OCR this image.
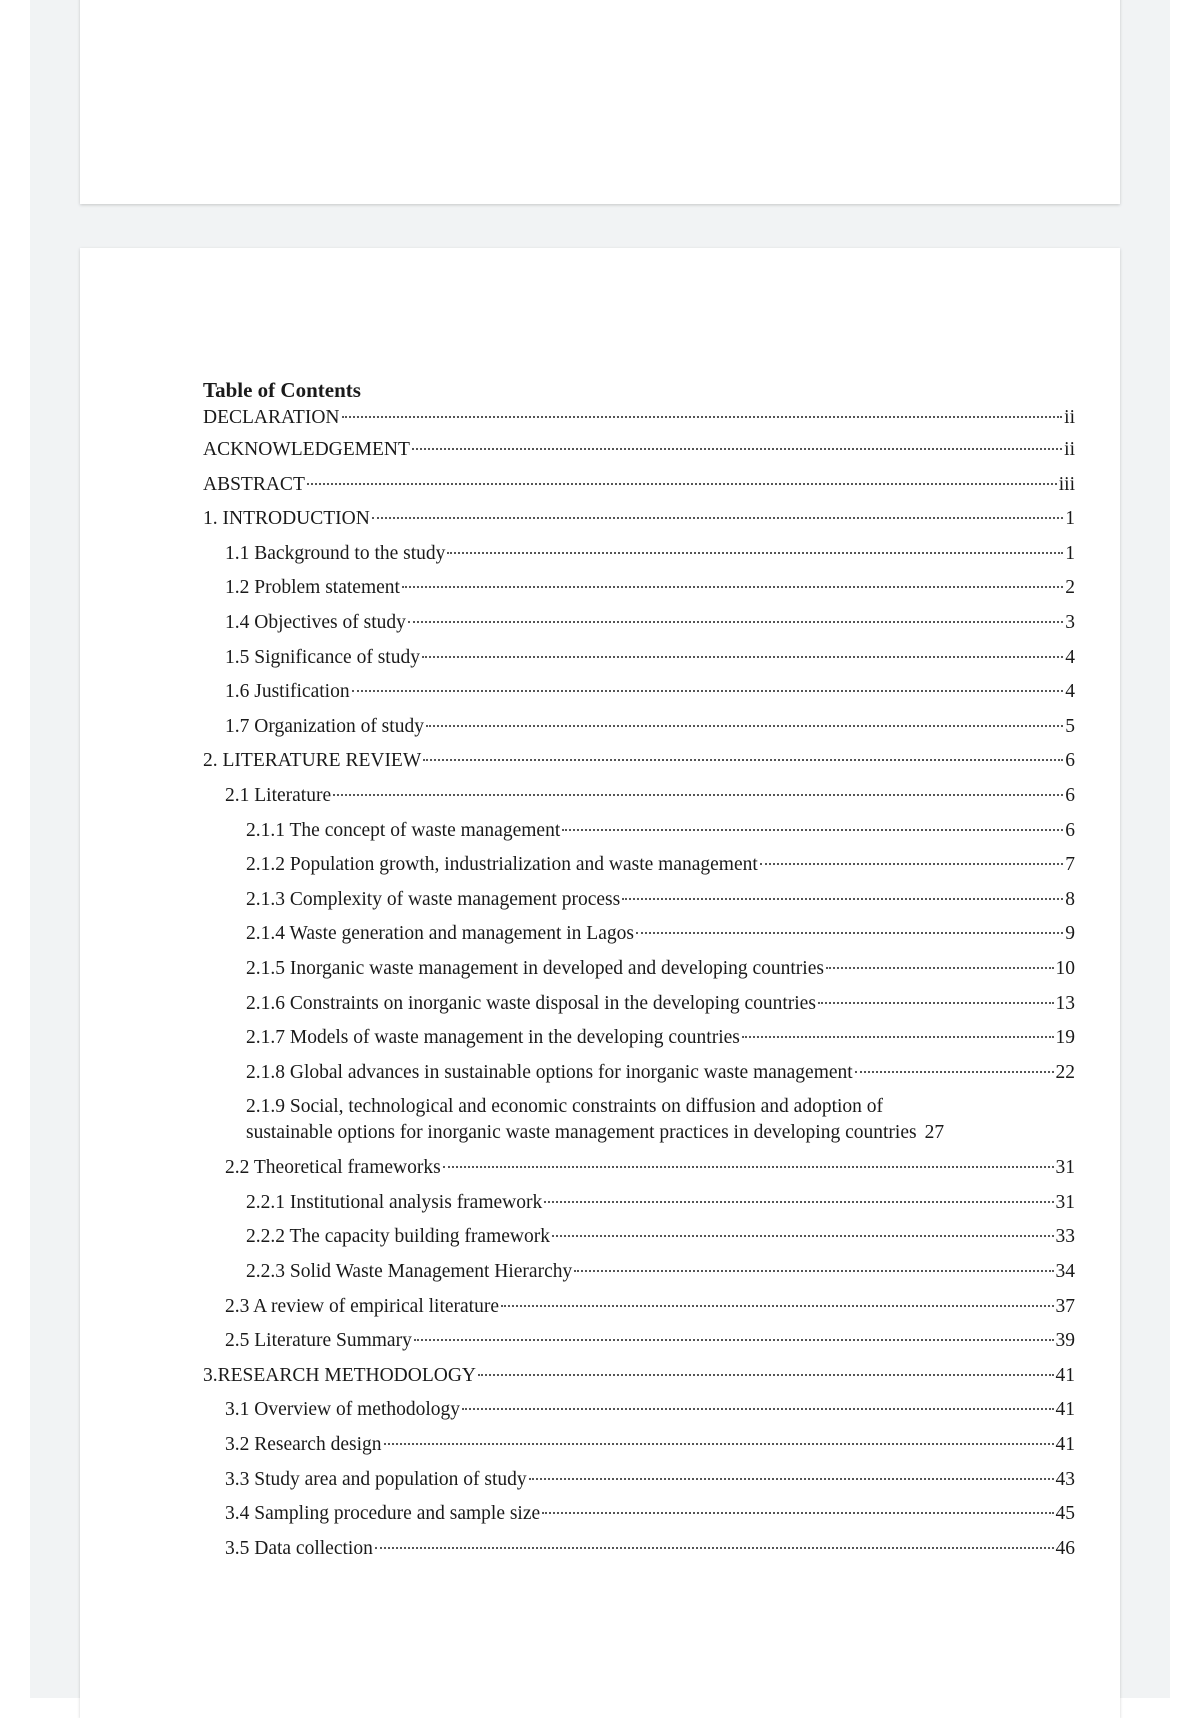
Table of Contents
DECLARATION	ii
ACKNOWLEDGEMENT	ii
ABSTRACT	iii
1. INTRODUCTION	1
1.1 Background to the study	1
1.2 Problem statement	2
1.4 Objectives of study	3
1.5 Significance of study	4
1.6 Justification	4
1.7 Organization of study	5
2. LITERATURE REVIEW	6
2.1 Literature	6
2.1.1 The concept of waste management	6
2.1.2 Population growth, industrialization and waste management	7
2.1.3 Complexity of waste management process	8
2.1.4 Waste generation and management in Lagos	9
2.1.5 Inorganic waste management in developed and developing countries	10
2.1.6 Constraints on inorganic waste disposal in the developing countries	13
2.1.7 Models of waste management in the developing countries	19
2.1.8 Global advances in sustainable options for inorganic waste management	22
2.1.9 Social, technological and economic constraints on diffusion and adoption of
sustainable options for inorganic waste management practices in developing countries 27
2.2 Theoretical frameworks	31
2.2.1 Institutional analysis framework	31
2.2.2 The capacity building framework	33
2.2.3 Solid Waste Management Hierarchy	34
2.3 A review of empirical literature	37
2.5 Literature Summary	39
3.RESEARCH METHODOLOGY	41
3.1 Overview of methodology	41
3.2 Research design	41
3.3 Study area and population of study	43
3.4 Sampling procedure and sample size	45
3.5 Data collection	46
